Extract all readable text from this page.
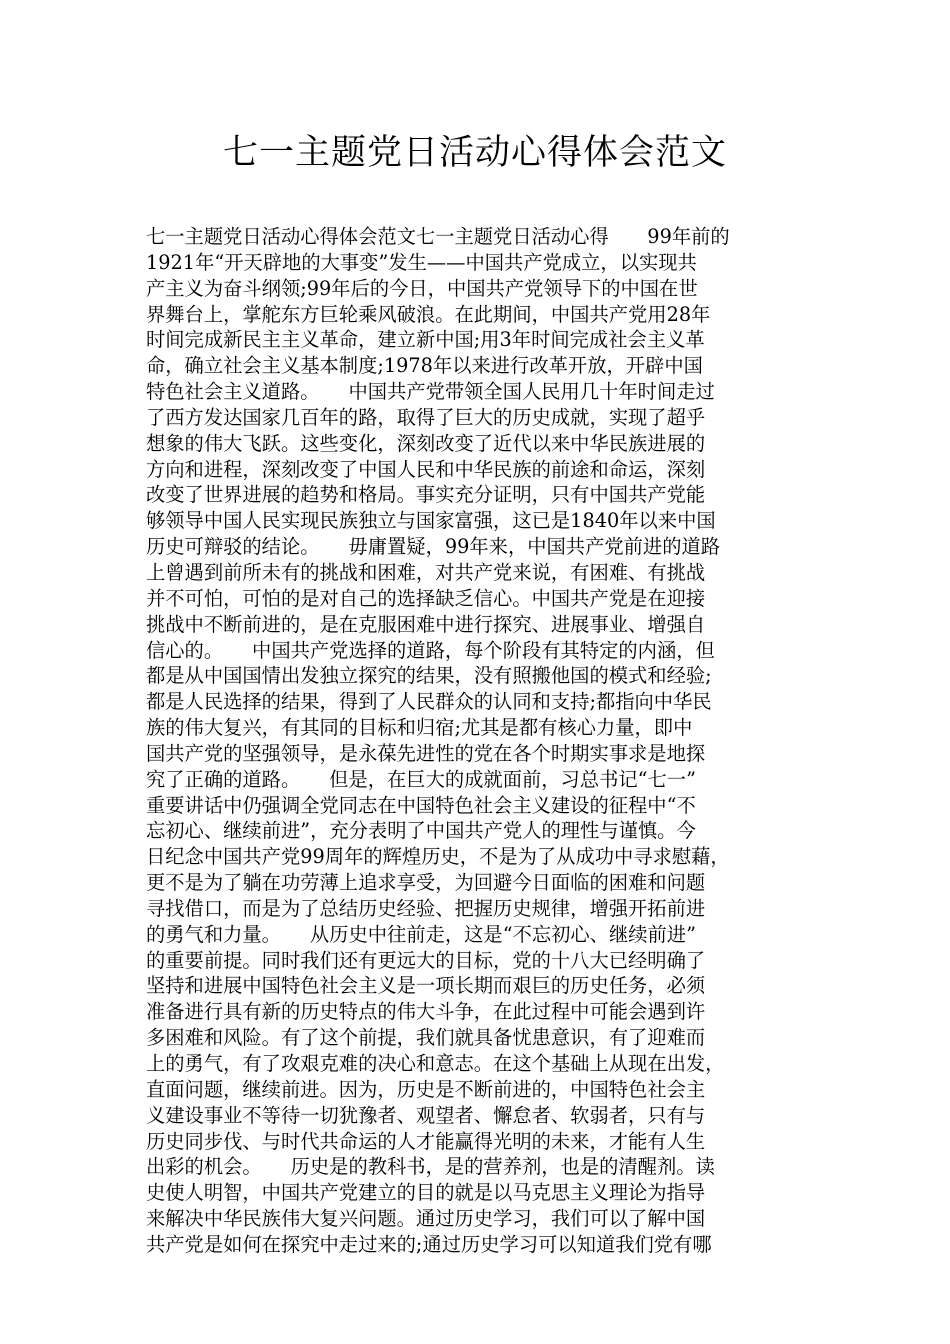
七一主题党日活动心得体会范文
七一主题党日活动心得体会范文七一主题党日活动心得　　99年前的
1921年“开天辟地的大事变”发生——中国共产党成立，以实现共
产主义为奋斗纲领;99年后的今日，中国共产党领导下的中国在世
界舞台上，掌舵东方巨轮乘风破浪。在此期间，中国共产党用28年
时间完成新民主主义革命，建立新中国;用3年时间完成社会主义革
命，确立社会主义基本制度;1978年以来进行改革开放，开辟中国
特色社会主义道路。　　中国共产党带领全国人民用几十年时间走过
了西方发达国家几百年的路，取得了巨大的历史成就，实现了超乎
想象的伟大飞跃。这些变化，深刻改变了近代以来中华民族进展的
方向和进程，深刻改变了中国人民和中华民族的前途和命运，深刻
改变了世界进展的趋势和格局。事实充分证明，只有中国共产党能
够领导中国人民实现民族独立与国家富强，这已是1840年以来中国
历史可辩驳的结论。　　毋庸置疑，99年来，中国共产党前进的道路
上曾遇到前所未有的挑战和困难，对共产党来说，有困难、有挑战
并不可怕，可怕的是对自己的选择缺乏信心。中国共产党是在迎接
挑战中不断前进的，是在克服困难中进行探究、进展事业、增强自
信心的。　　中国共产党选择的道路，每个阶段有其特定的内涵，但
都是从中国国情出发独立探究的结果，没有照搬他国的模式和经验;
都是人民选择的结果，得到了人民群众的认同和支持;都指向中华民
族的伟大复兴，有其同的目标和归宿;尤其是都有核心力量，即中
国共产党的坚强领导，是永葆先进性的党在各个时期实事求是地探
究了正确的道路。　　但是，在巨大的成就面前，习总书记“七一”
重要讲话中仍强调全党同志在中国特色社会主义建设的征程中“不
忘初心、继续前进”，充分表明了中国共产党人的理性与谨慎。今
日纪念中国共产党99周年的辉煌历史，不是为了从成功中寻求慰藉，
更不是为了躺在功劳薄上追求享受，为回避今日面临的困难和问题
寻找借口，而是为了总结历史经验、把握历史规律，增强开拓前进
的勇气和力量。　　从历史中往前走，这是“不忘初心、继续前进”
的重要前提。同时我们还有更远大的目标，党的十八大已经明确了
坚持和进展中国特色社会主义是一项长期而艰巨的历史任务，必须
准备进行具有新的历史特点的伟大斗争，在此过程中可能会遇到许
多困难和风险。有了这个前提，我们就具备忧患意识，有了迎难而
上的勇气，有了攻艰克难的决心和意志。在这个基础上从现在出发，
直面问题，继续前进。因为，历史是不断前进的，中国特色社会主
义建设事业不等待一切犹豫者、观望者、懈怠者、软弱者，只有与
历史同步伐、与时代共命运的人才能赢得光明的未来，才能有人生
出彩的机会。　　历史是的教科书，是的营养剂，也是的清醒剂。读
史使人明智，中国共产党建立的目的就是以马克思主义理论为指导
来解决中华民族伟大复兴问题。通过历史学习，我们可以了解中国
共产党是如何在探究中走过来的;通过历史学习可以知道我们党有哪
